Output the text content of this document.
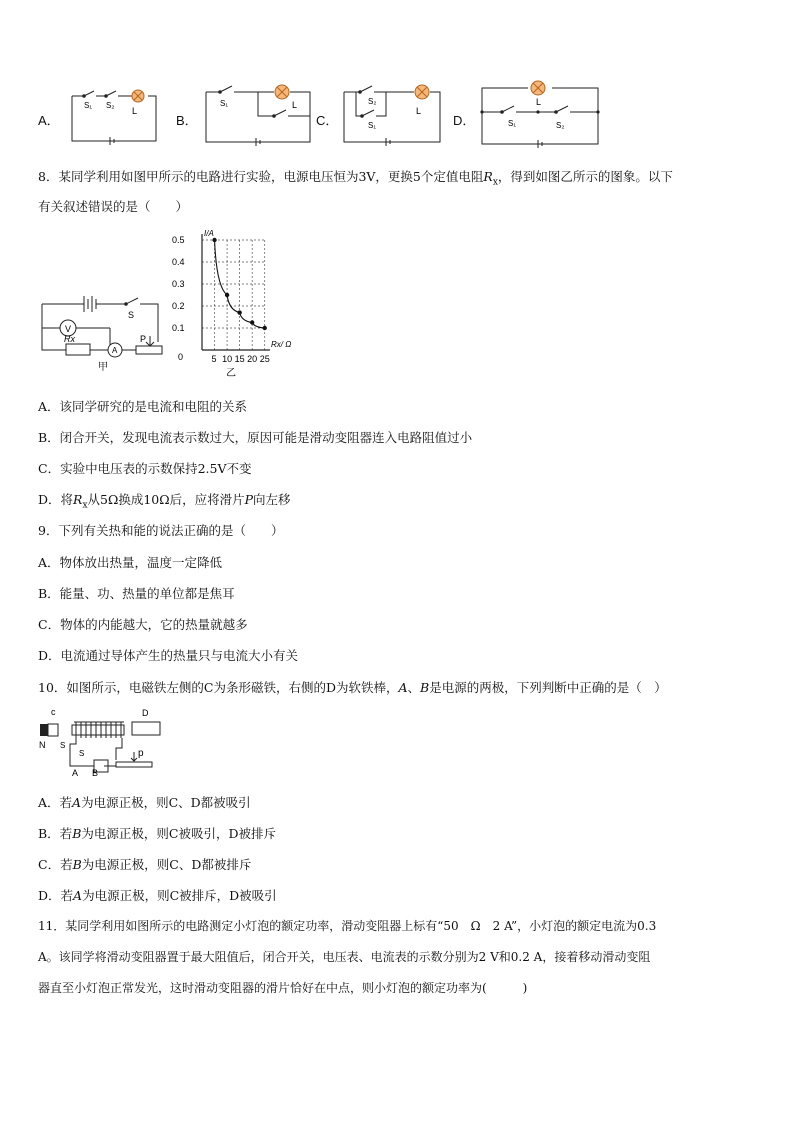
A．
S₁ S₂
L
B．
S₁	L
C．
S₂
S₁
L
D．
L
S₁	S₂
8．某同学利用如图甲所示的电路进行实验，电源电压恒为3V，更换5个定值电阻$R_x$，得到如图乙所示的图象。以下
有关叙述错误的是（　　）
V
A
S
Rx	P
甲
I/A
Rx/ Ω
0
乙
5 10 15 20 25
0.1
0.2
0.3
0.4
0.5
A．该同学研究的是电流和电阻的关系
B．闭合开关，发现电流表示数过大，原因可能是滑动变阻器连入电路阻值过小
C．实验中电压表的示数保持2.5V不变
D．将$R_x$从5Ω换成10Ω后，应将滑片P向左移
9．下列有关热和能的说法正确的是（　　）
A．物体放出热量，温度一定降低
B．能量、功、热量的单位都是焦耳
C．物体的内能越大，它的热量就越多
D．电流通过导体产生的热量只与电流大小有关
10．如图所示，电磁铁左侧的C为条形磁铁，右侧的D为软铁棒，A、B是电源的两极，下列判断中正确的是（　）
c	D
N S
S	p
A B
A．若A为电源正极，则C、D都被吸引
B．若B为电源正极，则C被吸引，D被排斥
C．若B为电源正极，则C、D都被排斥
D．若A为电源正极，则C被排斥，D被吸引
11．某同学利用如图所示的电路测定小灯泡的额定功率，滑动变阻器上标有“50　Ω　2 A”，小灯泡的额定电流为0.3
A。该同学将滑动变阻器置于最大阻值后，闭合开关，电压表、电流表的示数分别为2 V和0.2 A，接着移动滑动变阻
器直至小灯泡正常发光，这时滑动变阻器的滑片恰好在中点，则小灯泡的额定功率为(　　　)
